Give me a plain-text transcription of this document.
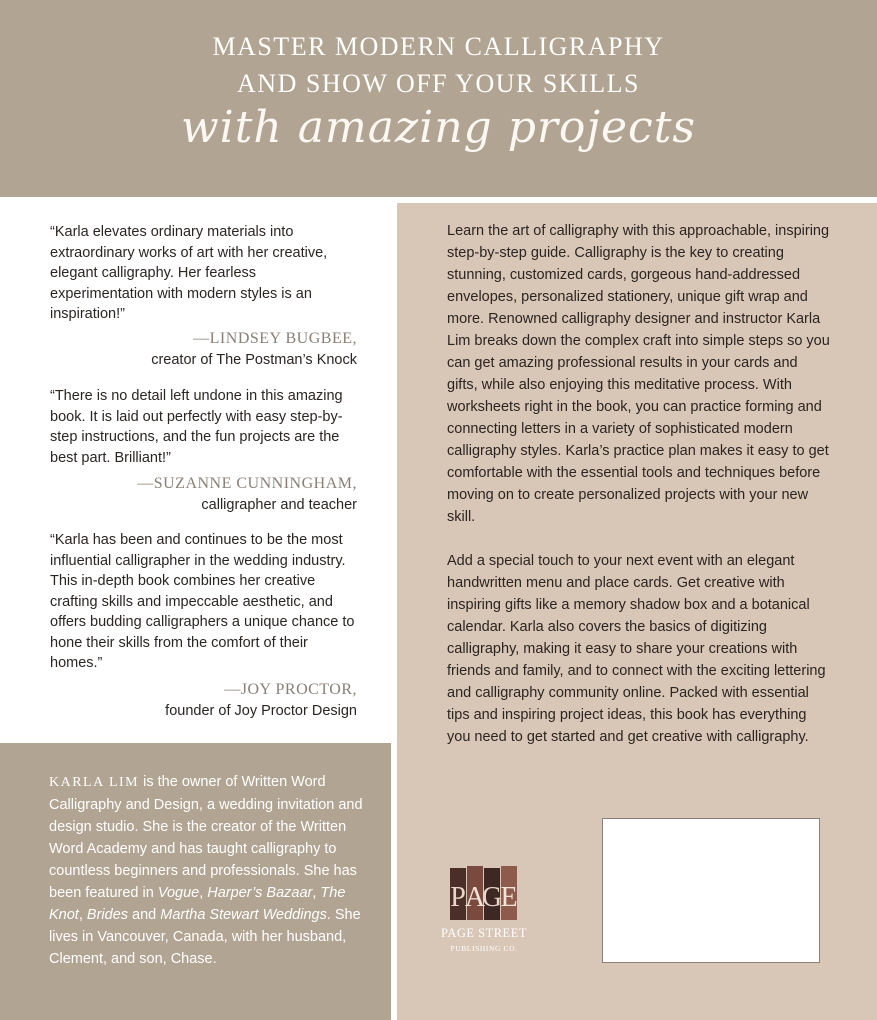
MASTER MODERN CALLIGRAPHY
AND SHOW OFF YOUR SKILLS
with amazing projects
“Karla elevates ordinary materials into extraordinary works of art with her creative, elegant calligraphy. Her fearless experimentation with modern styles is an inspiration!”
—LINDSEY BUGBEE,
creator of The Postman’s Knock
“There is no detail left undone in this amazing book. It is laid out perfectly with easy step-by-step instructions, and the fun projects are the best part. Brilliant!”
—SUZANNE CUNNINGHAM,
calligrapher and teacher
“Karla has been and continues to be the most influential calligrapher in the wedding industry. This in-depth book combines her creative crafting skills and impeccable aesthetic, and offers budding calligraphers a unique chance to hone their skills from the comfort of their homes.”
—JOY PROCTOR,
founder of Joy Proctor Design
KARLA LIM is the owner of Written Word Calligraphy and Design, a wedding invitation and design studio. She is the creator of the Written Word Academy and has taught calligraphy to countless beginners and professionals. She has been featured in Vogue, Harper’s Bazaar, The Knot, Brides and Martha Stewart Weddings. She lives in Vancouver, Canada, with her husband, Clement, and son, Chase.
Learn the art of calligraphy with this approachable, inspiring step-by-step guide. Calligraphy is the key to creating stunning, customized cards, gorgeous hand-addressed envelopes, personalized stationery, unique gift wrap and more. Renowned calligraphy designer and instructor Karla Lim breaks down the complex craft into simple steps so you can get amazing professional results in your cards and gifts, while also enjoying this meditative process. With worksheets right in the book, you can practice forming and connecting letters in a variety of sophisticated modern calligraphy styles. Karla’s practice plan makes it easy to get comfortable with the essential tools and techniques before moving on to create personalized projects with your new skill.
Add a special touch to your next event with an elegant handwritten menu and place cards. Get creative with inspiring gifts like a memory shadow box and a botanical calendar. Karla also covers the basics of digitizing calligraphy, making it easy to share your creations with friends and family, and to connect with the exciting lettering and calligraphy community online. Packed with essential tips and inspiring project ideas, this book has everything you need to get started and get creative with calligraphy.
P A
G
E
PAGE STREET
PUBLISHING CO.
